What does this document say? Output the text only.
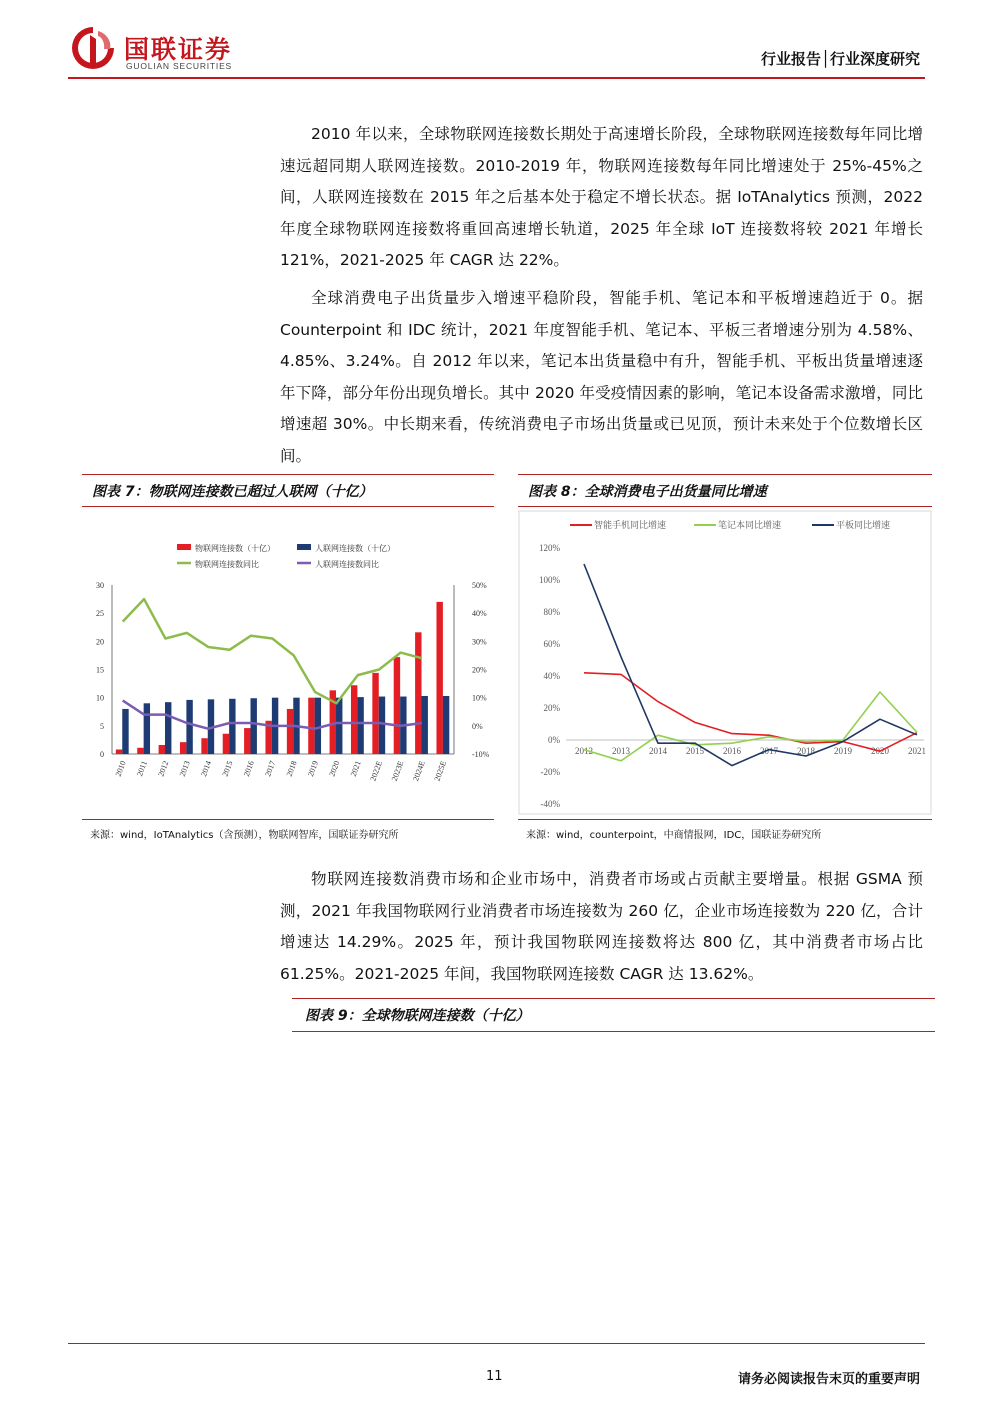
国联证券
GUOLIAN SECURITIES	行业报告│行业深度研究
2010 年以来，全球物联网连接数长期处于高速增长阶段，全球物联网连接数每年同比增速远超同期人联网连接数。2010-2019 年，物联网连接数每年同比增速处于 25%-45%之间，人联网连接数在 2015 年之后基本处于稳定不增长状态。据 IoTAnalytics 预测，2022 年度全球物联网连接数将重回高速增长轨道，2025 年全球 IoT 连接数将较 2021 年增长 121%，2021-2025 年 CAGR 达 22%。
全球消费电子出货量步入增速平稳阶段，智能手机、笔记本和平板增速趋近于 0。据 Counterpoint 和 IDC 统计，2021 年度智能手机、笔记本、平板三者增速分别为 4.58%、4.85%、3.24%。自 2012 年以来，笔记本出货量稳中有升，智能手机、平板出货量增速逐年下降，部分年份出现负增长。其中 2020 年受疫情因素的影响，笔记本设备需求激增，同比增速超 30%。中长期来看，传统消费电子市场出货量或已见顶，预计未来处于个位数增长区间。
图表 7：物联网连接数已超过人联网（十亿）	图表 8：全球消费电子出货量同比增速
物联网连接数（十亿）	人联网连接数（十亿）
物联网连接数同比	人联网连接数同比
0
5
10
15
20
25
30
-10%
0%
10%
20%
30%
40%
50%
2010 2011 2012 2013 2014 2015 2016 2017 2018 2019 2020 2021 2022E 2023E 2024E 2025E
智能手机同比增速	笔记本同比增速	平板同比增速
-40%
-20%
0%
20%
40%
60%
80%
100%
120%
2012 2013 2014 2015 2016 2017 2018 2019 2020 2021
来源：wind，IoTAnalytics（含预测），物联网智库，国联证券研究所	来源：wind，counterpoint，中商情报网，IDC，国联证券研究所
物联网连接数消费市场和企业市场中，消费者市场或占贡献主要增量。根据 GSMA 预测，2021 年我国物联网行业消费者市场连接数为 260 亿，企业市场连接数为 220 亿，合计增速达 14.29%。2025 年，预计我国物联网连接数将达 800 亿，其中消费者市场占比 61.25%。2021-2025 年间，我国物联网连接数 CAGR 达 13.62%。
图表 9：全球物联网连接数（十亿）
11	请务必阅读报告末页的重要声明
